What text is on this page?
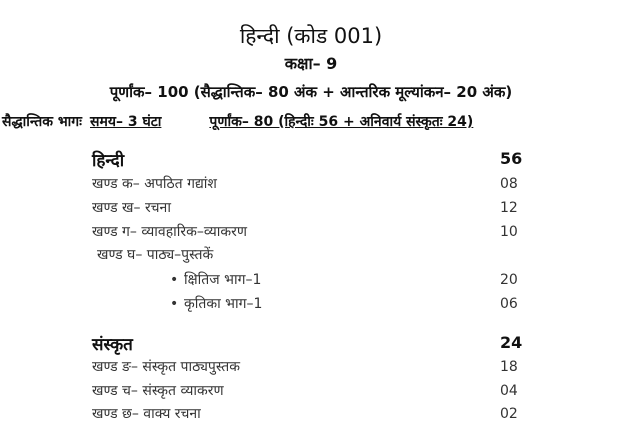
हिन्दी (कोड 001)
कक्षा– 9
पूर्णांक– 100 (सैद्धान्तिक– 80 अंक + आन्तरिक मूल्यांकन– 20 अंक)
सैद्धान्तिक भागः समय– 3 घंटा	पूर्णांक– 80 (हिन्दीः 56 + अनिवार्य संस्कृतः 24)
हिन्दी	56
खण्ड क– अपठित गद्यांश	08
खण्ड ख– रचना	12
खण्ड ग– व्यावहारिक–व्याकरण	10
खण्ड घ– पाठ्य–पुस्तकें
• क्षितिज भाग–1	20
• कृतिका भाग–1	06
संस्कृत	24
खण्ड ङ– संस्कृत पाठ्यपुस्तक	18
खण्ड च– संस्कृत व्याकरण	04
खण्ड छ– वाक्य रचना	02
